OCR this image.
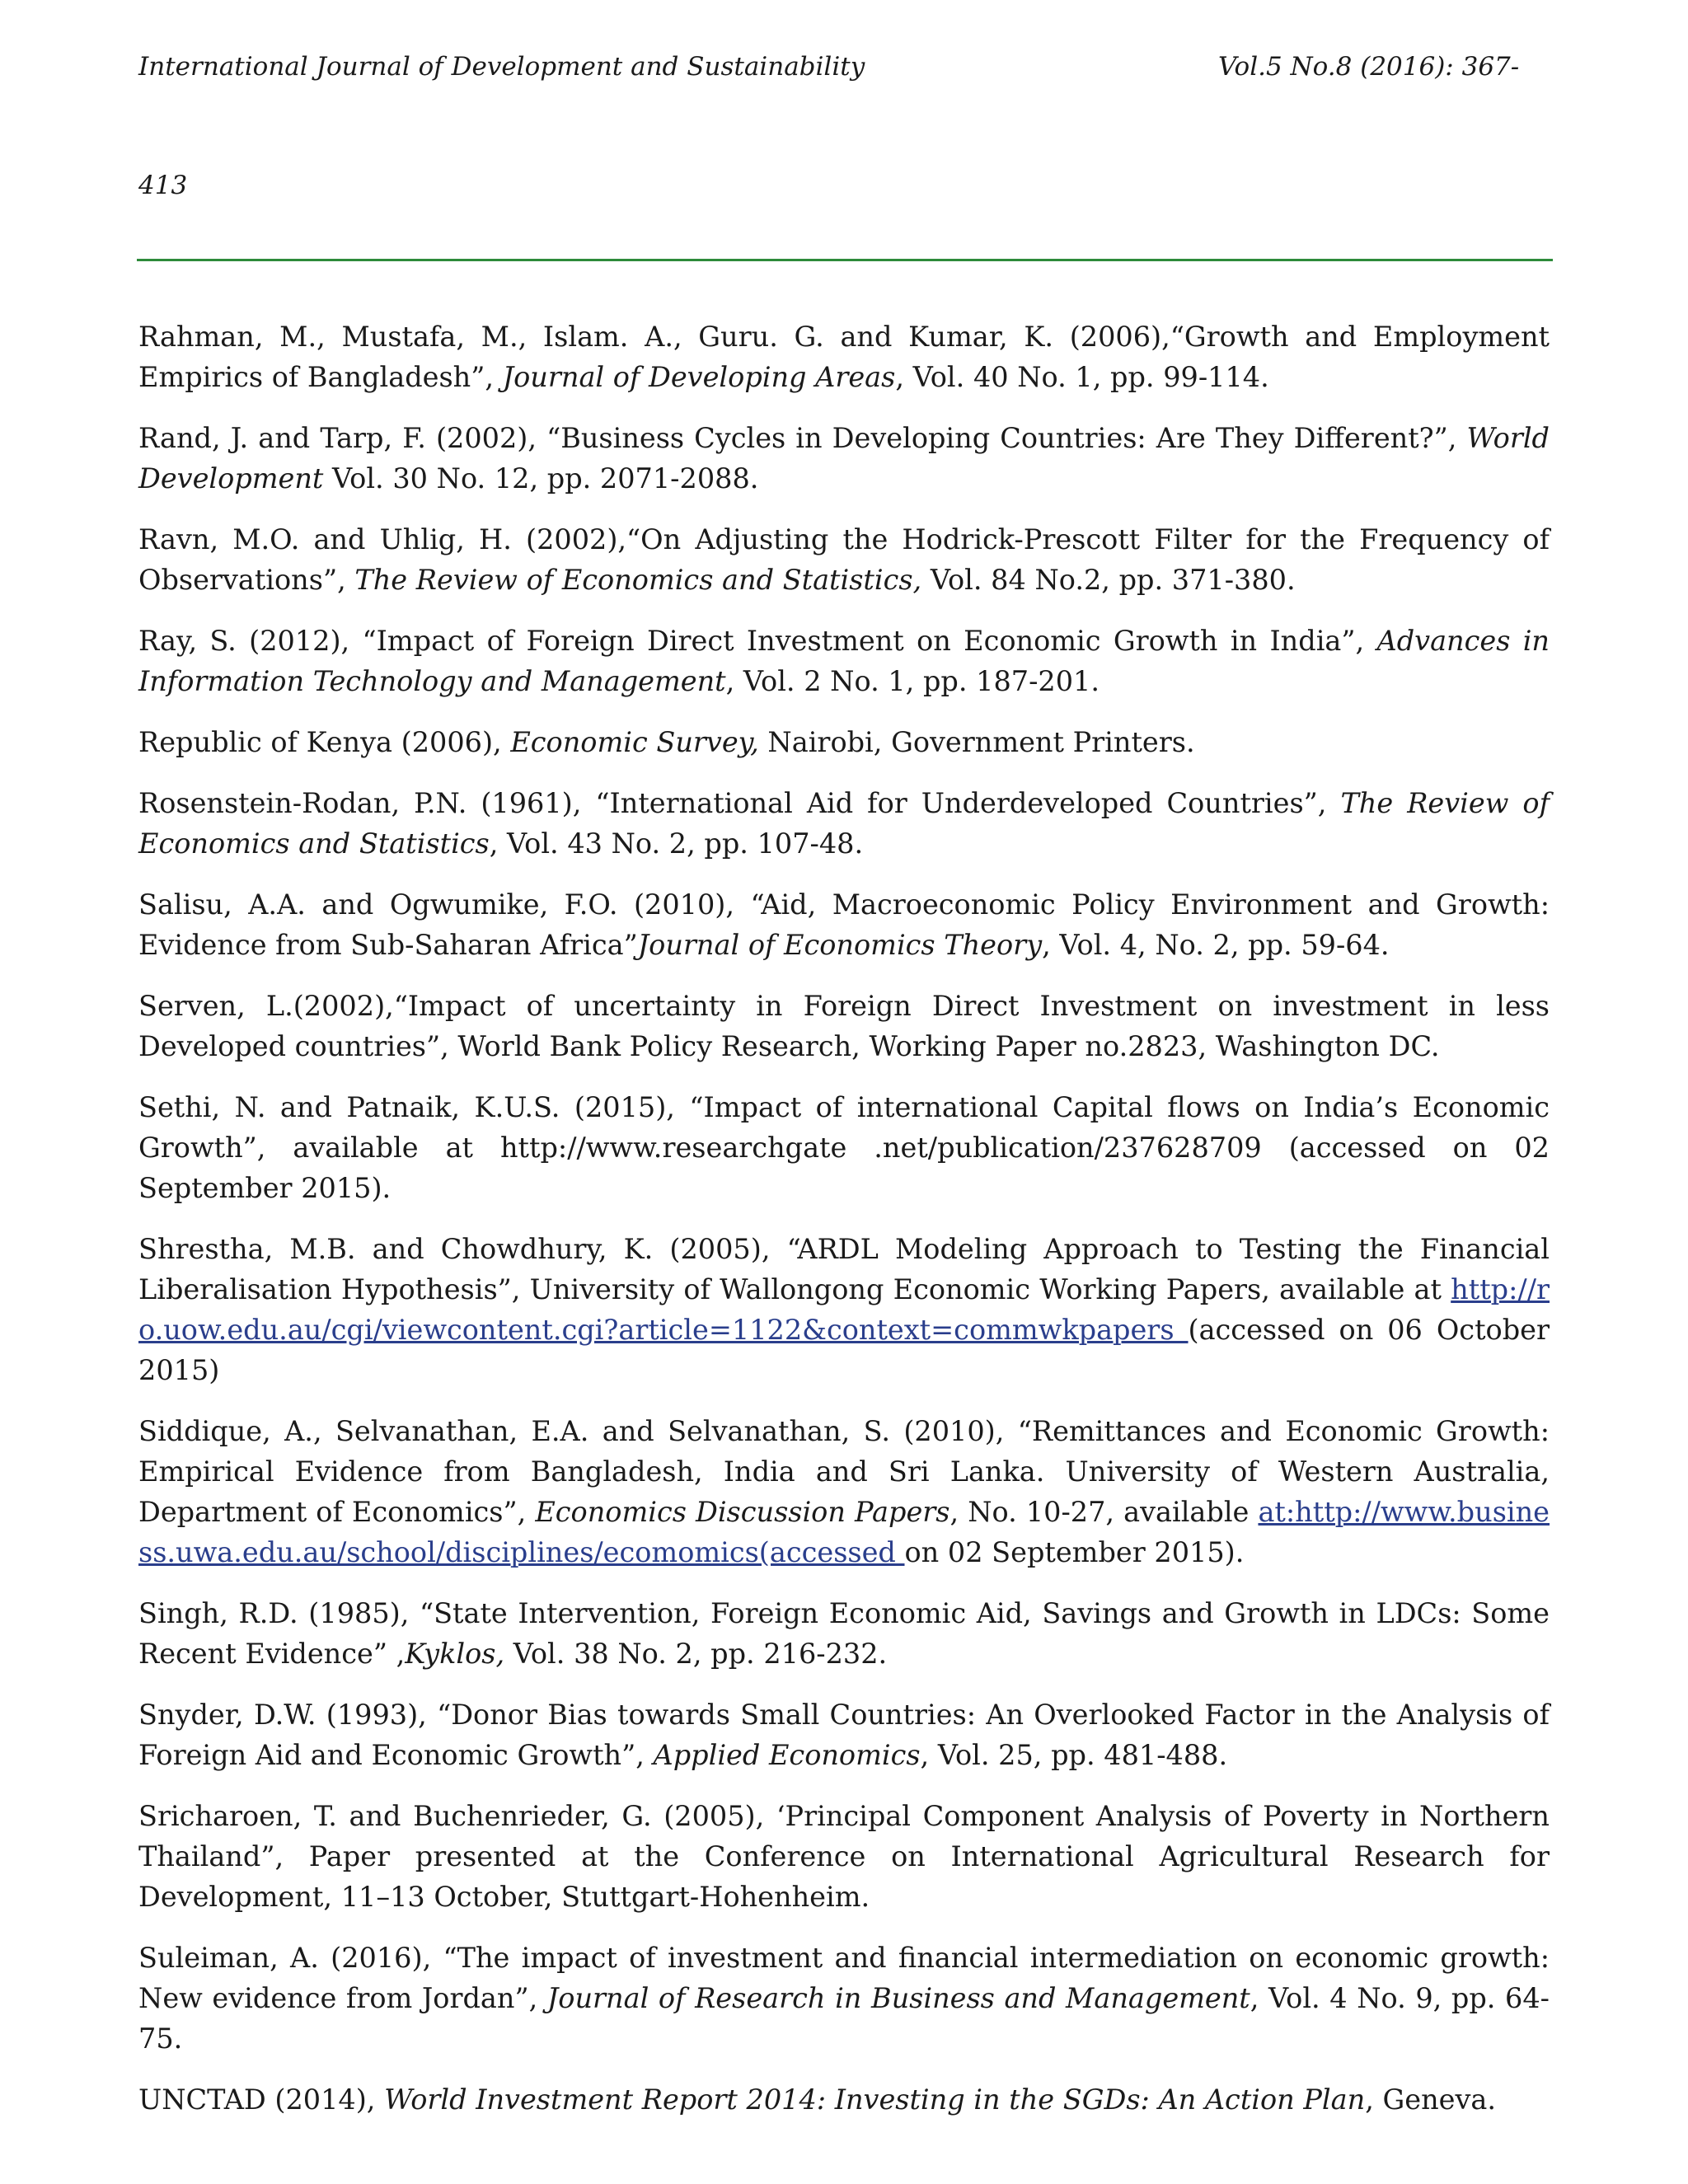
International Journal of Development and Sustainability	Vol.5 No.8 (2016): 367-
413
Rahman, M., Mustafa, M., Islam. A., Guru. G. and Kumar, K. (2006),“Growth and Employment Empirics of Bangladesh”, Journal of Developing Areas, Vol. 40 No. 1, pp. 99-114.
Rand, J. and Tarp, F. (2002), “Business Cycles in Developing Countries: Are They Different?”, World Development Vol. 30 No. 12, pp. 2071-2088.
Ravn, M.O. and Uhlig, H. (2002),“On Adjusting the Hodrick-Prescott Filter for the Frequency of Observations”, The Review of Economics and Statistics, Vol. 84 No.2, pp. 371-380.
Ray, S. (2012), “Impact of Foreign Direct Investment on Economic Growth in India”, Advances in Information Technology and Management, Vol. 2 No. 1, pp. 187-201.
Republic of Kenya (2006), Economic Survey, Nairobi, Government Printers.
Rosenstein-Rodan, P.N. (1961), “International Aid for Underdeveloped Countries”, The Review of Economics and Statistics, Vol. 43 No. 2, pp. 107-48.
Salisu, A.A. and Ogwumike, F.O. (2010), “Aid, Macroeconomic Policy Environment and Growth: Evidence from Sub-Saharan Africa”Journal of Economics Theory, Vol. 4, No. 2, pp. 59-64.
Serven, L.(2002),“Impact of uncertainty in Foreign Direct Investment on investment in less Developed countries”, World Bank Policy Research, Working Paper no.2823, Washington DC.
Sethi, N. and Patnaik, K.U.S. (2015), “Impact of international Capital flows on India’s Economic Growth”, available at http://www.researchgate .net/publication/237628709 (accessed on 02 September 2015).
Shrestha, M.B. and Chowdhury, K. (2005), “ARDL Modeling Approach to Testing the Financial Liberalisation Hypothesis”, University of Wallongong Economic Working Papers, available at http://ro.uow.edu.au/cgi/viewcontent.cgi?article=1122&context=commwkpapers (accessed on 06 October 2015)
Siddique, A., Selvanathan, E.A. and Selvanathan, S. (2010), “Remittances and Economic Growth: Empirical Evidence from Bangladesh, India and Sri Lanka. University of Western Australia, Department of Economics”, Economics Discussion Papers, No. 10-27, available at:http://www.business.uwa.edu.au/school/disciplines/ecomomics(accessed on 02 September 2015).
Singh, R.D. (1985), “State Intervention, Foreign Economic Aid, Savings and Growth in LDCs: Some Recent Evidence” ,Kyklos, Vol. 38 No. 2, pp. 216-232.
Snyder, D.W. (1993), “Donor Bias towards Small Countries: An Overlooked Factor in the Analysis of Foreign Aid and Economic Growth”, Applied Economics, Vol. 25, pp. 481-488.
Sricharoen, T. and Buchenrieder, G. (2005), ‘Principal Component Analysis of Poverty in Northern Thailand”, Paper presented at the Conference on International Agricultural Research for Development, 11–13 October, Stuttgart-Hohenheim.
Suleiman, A. (2016), “The impact of investment and financial intermediation on economic growth: New evidence from Jordan”, Journal of Research in Business and Management, Vol. 4 No. 9, pp. 64-75.
UNCTAD (2014), World Investment Report 2014: Investing in the SGDs: An Action Plan, Geneva.
